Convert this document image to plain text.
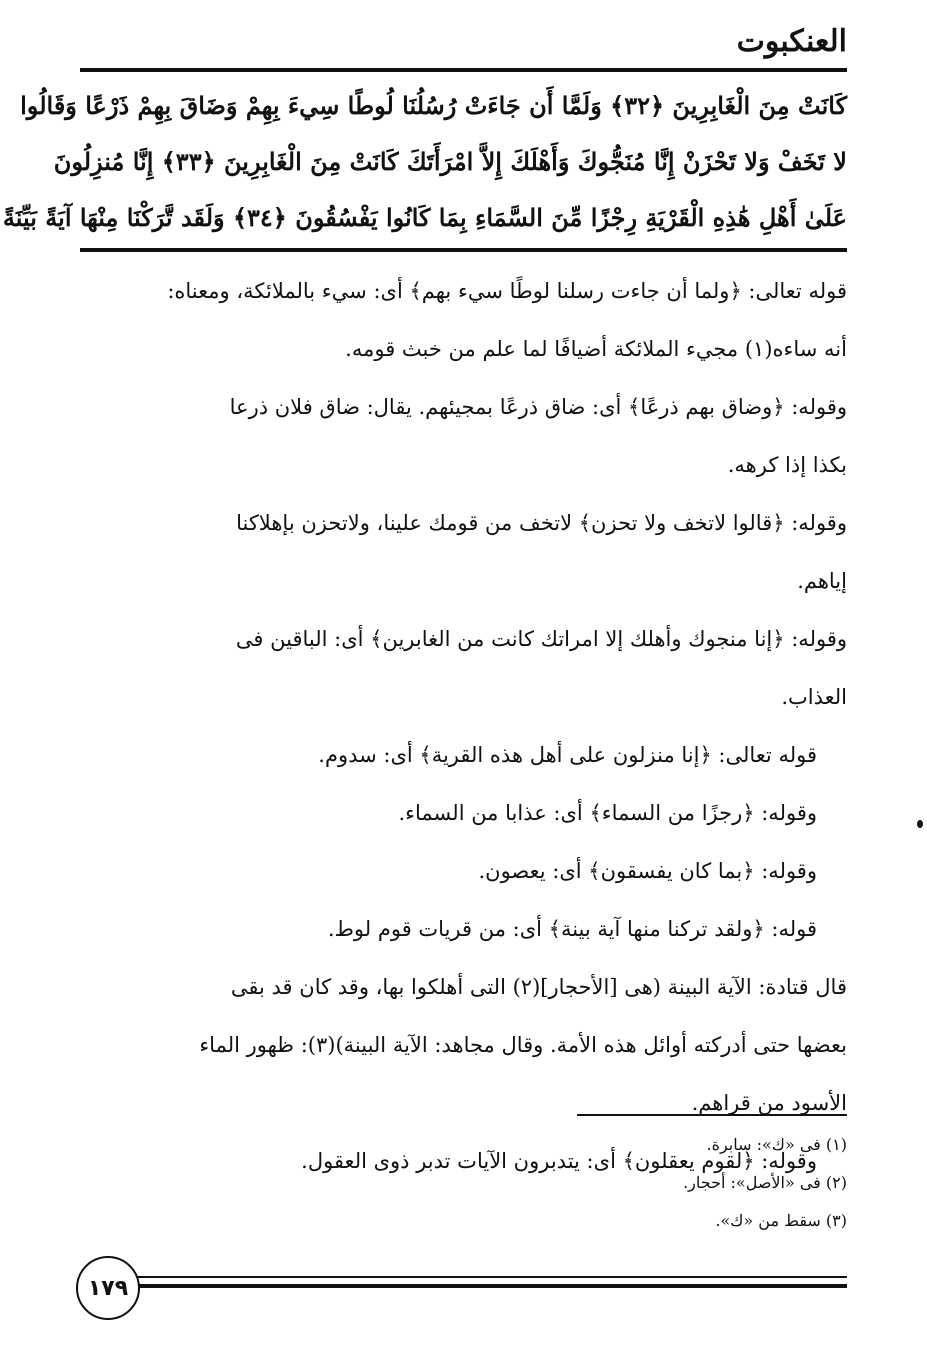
العنكبوت
كَانَتْ مِنَ الْغَابِرِينَ ﴿٣٢﴾ وَلَمَّا أَن جَاءَتْ رُسُلُنَا لُوطًا سِيءَ بِهِمْ وَضَاقَ بِهِمْ ذَرْعًا وَقَالُوا
لا تَخَفْ وَلا تَحْزَنْ إِنَّا مُنَجُّوكَ وَأَهْلَكَ إِلاَّ امْرَأَتَكَ كَانَتْ مِنَ الْغَابِرِينَ ﴿٣٣﴾ إِنَّا مُنزِلُونَ
عَلَىٰ أَهْلِ هَٰذِهِ الْقَرْيَةِ رِجْزًا مِّنَ السَّمَاءِ بِمَا كَانُوا يَفْسُقُونَ ﴿٣٤﴾ وَلَقَد تَّرَكْنَا مِنْهَا آيَةً بَيِّنَةً

قوله تعالى: ﴿ولما أن جاءت رسلنا لوطًا سيء بهم﴾ أى: سيء بالملائكة، ومعناه:
أنه ساءه(١) مجيء الملائكة أضيافًا لما علم من خبث قومه.

وقوله: ﴿وضاق بهم ذرعًا﴾ أى: ضاق ذرعًا بمجيئهم. يقال: ضاق فلان ذرعا
بكذا إذا كرهه.

وقوله: ﴿قالوا لاتخف ولا تحزن﴾ لاتخف من قومك علينا، ولاتحزن بإهلاكنا
إياهم.

وقوله: ﴿إنا منجوك وأهلك إلا امراتك كانت من الغابرين﴾ أى: الباقين فى
العذاب.

قوله تعالى: ﴿إنا منزلون على أهل هذه القرية﴾ أى: سدوم.

وقوله: ﴿رجزًا من السماء﴾ أى: عذابا من السماء.

وقوله: ﴿بما كان يفسقون﴾ أى: يعصون.

قوله: ﴿ولقد تركنا منها آية بينة﴾ أى: من قريات قوم لوط.

قال قتادة: الآية البينة (هى [الأحجار](٢) التى أهلكوا بها، وقد كان قد بقى
بعضها حتى أدركته أوائل هذه الأمة. وقال مجاهد: الآية البينة)(٣): ظهور الماء
الأسود من قراهم.

وقوله: ﴿لقوم يعقلون﴾ أى: يتدبرون الآيات تدبر ذوى العقول.

(١) فى «ك»: سابرة.

(٢) فى «الأصل»: أحجار.

(٣) سقط من «ك».

١٧٩
